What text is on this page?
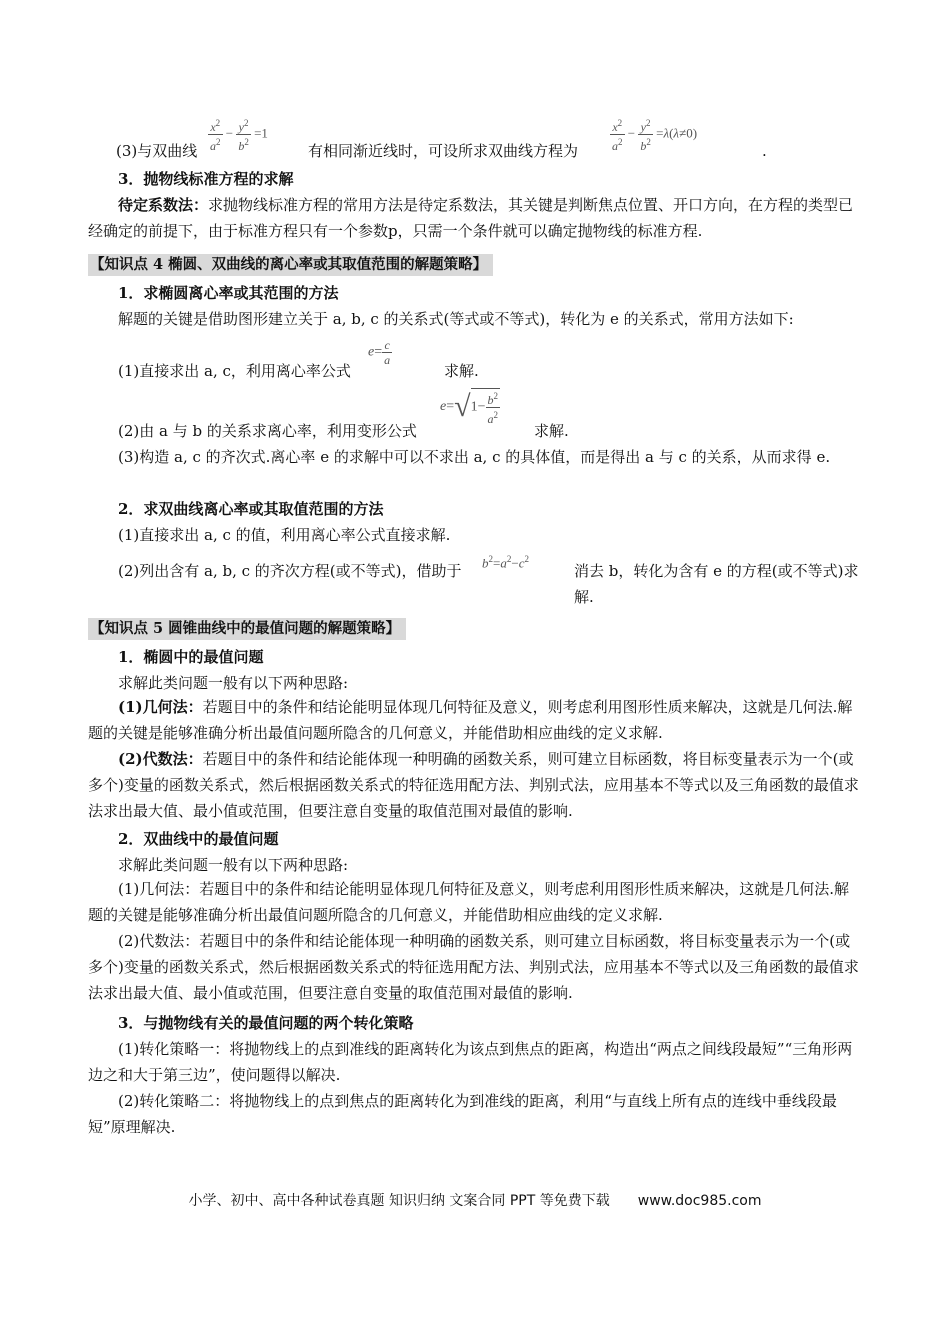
$\frac{x^2}{a^2} - \frac{y^2}{b^2} =1$	$\frac{x^2}{a^2} - \frac{y^2}{b^2} =\lambda(\lambda\ne 0)$
(3)与双曲线	有相同渐近线时，可设所求双曲线方程为	.
3．抛物线标准方程的求解
待定系数法：求抛物线标准方程的常用方法是待定系数法，其关键是判断焦点位置、开口方向，在方程的类型已经确定的前提下，由于标准方程只有一个参数p，只需一个条件就可以确定抛物线的标准方程.
【知识点 4 椭圆、双曲线的离心率或其取值范围的解题策略】
1．求椭圆离心率或其范围的方法
解题的关键是借助图形建立关于 a, b, c 的关系式(等式或不等式)，转化为 e 的关系式，常用方法如下:
$e= \frac{c}{a}$
(1)直接求出 a, c，利用离心率公式	求解.
$e=√1- \frac{b^2}{a^2}$
(2)由 a 与 b 的关系求离心率，利用变形公式	求解.
(3)构造 a, c 的齐次式.离心率 e 的求解中可以不求出 a, c 的具体值，而是得出 a 与 c 的关系，从而求得 e.
2．求双曲线离心率或其取值范围的方法
(1)直接求出 a, c 的值，利用离心率公式直接求解.
$b^2=a^2-c^2$
(2)列出含有 a, b, c 的齐次方程(或不等式)，借助于	消去 b，转化为含有 e 的方程(或不等式)求解.
【知识点 5 圆锥曲线中的最值问题的解题策略】
1．椭圆中的最值问题
求解此类问题一般有以下两种思路:
(1)几何法：若题目中的条件和结论能明显体现几何特征及意义，则考虑利用图形性质来解决，这就是几何法.解题的关键是能够准确分析出最值问题所隐含的几何意义，并能借助相应曲线的定义求解.
(2)代数法：若题目中的条件和结论能体现一种明确的函数关系，则可建立目标函数，将目标变量表示为一个(或多个)变量的函数关系式，然后根据函数关系式的特征选用配方法、判别式法，应用基本不等式以及三角函数的最值求法求出最大值、最小值或范围，但要注意自变量的取值范围对最值的影响.
2．双曲线中的最值问题
求解此类问题一般有以下两种思路:
(1)几何法：若题目中的条件和结论能明显体现几何特征及意义，则考虑利用图形性质来解决，这就是几何法.解题的关键是能够准确分析出最值问题所隐含的几何意义，并能借助相应曲线的定义求解.
(2)代数法：若题目中的条件和结论能体现一种明确的函数关系，则可建立目标函数，将目标变量表示为一个(或多个)变量的函数关系式，然后根据函数关系式的特征选用配方法、判别式法，应用基本不等式以及三角函数的最值求法求出最大值、最小值或范围，但要注意自变量的取值范围对最值的影响.
3．与抛物线有关的最值问题的两个转化策略
(1)转化策略一：将抛物线上的点到准线的距离转化为该点到焦点的距离，构造出“两点之间线段最短”“三角形两边之和大于第三边”，使问题得以解决.
(2)转化策略二：将抛物线上的点到焦点的距离转化为到准线的距离，利用“与直线上所有点的连线中垂线段最短”原理解决.
小学、初中、高中各种试卷真题 知识归纳 文案合同 PPT 等免费下载 www.doc985.com
